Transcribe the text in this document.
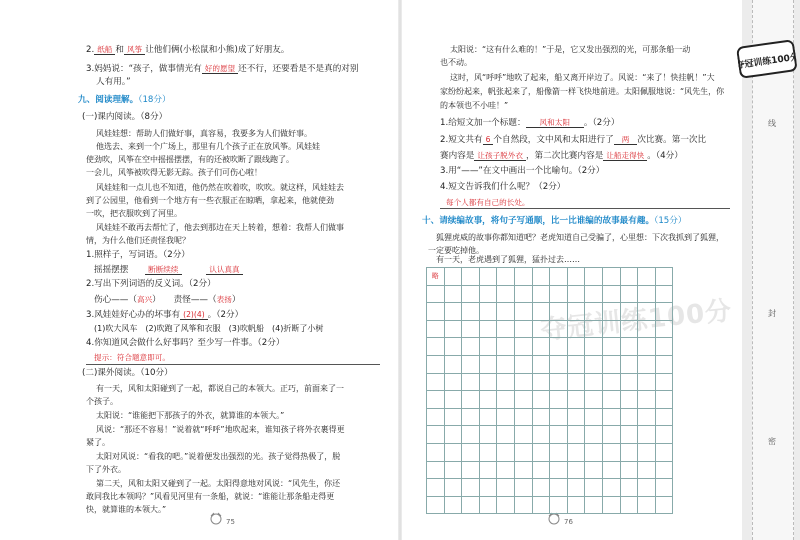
2. 纸船 和 风筝 让他们俩(小松鼠和小熊)成了好朋友。
3.妈妈说：“孩子，做事情光有 好的愿望 还不行，还要看是不是真的对别
人有用。”
九、阅读理解。（18分）
(一)课内阅读。（8分）
风娃娃想：帮助人们做好事，真容易，我要多为人们做好事。
他选去、来到一个广场上，那里有几个孩子正在放风筝。风娃娃
使劲吹，风筝在空中摇摇摆摆，有的还被吹断了跟线跑了。
一会儿，风筝被吹得无影无踪。孩子们可伤心啦！
风娃娃和一点儿也不知道，他仍然在吹着吹，吹吹。就这样，风娃娃去
到了公园里，他看到一个地方有一些衣服正在晾晒，拿起来，他就使劲
一吹，把衣服吹到了河里。
风娃娃不敢再去帮忙了，他去到那边在天上转着，想着：我帮人们做事
情，为什么他们还责怪我呢？
1.照样子，写词语。（2分）
摇摇摆摆	断断续续	认认真真
2.写出下列词语的反义词。（2分）
伤心——（高兴）　　责怪——（表扬）
3.风娃娃好心办的坏事有 (2)(4) 。（2分）
(1)吹大风车　(2)吹跑了风筝和衣服　(3)吹帆船　(4)折断了小树
4.你知道风会做什么好事吗？至少写一件事。（2分）
提示：符合题意即可。
(二)课外阅读。（10分）
有一天，风和太阳碰到了一起，都说自己的本领大。正巧，前面来了一
个孩子。
太阳说：“谁能把下那孩子的外衣，就算谁的本领大。”
风说：“那还不容易！”说着就“呼呼”地吹起来，谁知孩子将外衣裹得更
紧了。
太阳对风说：“看我的吧。”说着便发出强烈的光。孩子觉得热极了，脱
下了外衣。
第二天，风和太阳又碰到了一起。太阳得意地对风说：“风先生，你还
敢同我比本领吗？”风看见河里有一条船，就说：“谁能让那条船走得更
快，就算谁的本领大。”
75
太阳说：“这有什么难的！”于是，它又发出强烈的光，可那条船一动
也不动。
这时，风“呼呼”地吹了起来，船又离开岸边了。风说：“来了！快挂帆！”大
家纷纷起来，帆张起来了，船像箭一样飞快地前进。太阳佩服地说：“风先生，你
的本领也不小哇！”
1.给短文加一个标题： 风和太阳 。（2分）
2.短文共有 6 个自然段，文中风和太阳进行了 两 次比赛。第一次比
赛内容是 让孩子脱外衣 ，第二次比赛内容是 让船走得快 。（4分）
3.用“——”在文中画出一个比喻句。（2分）
4.短文告诉我们什么呢？（2分）
每个人都有自己的长处。
十、请续编故事，将句子写通顺，比一比谁编的故事最有趣。（15分）
狐狸虎威的故事你都知道吧？老虎知道自己受骗了，心里想：下次我抓到了狐狸，
一定要吃掉他。
有一天，老虎遇到了狐狸，猛扑过去……
夺冠训练100分
76
略													

线
封
密
夺冠训练100分
